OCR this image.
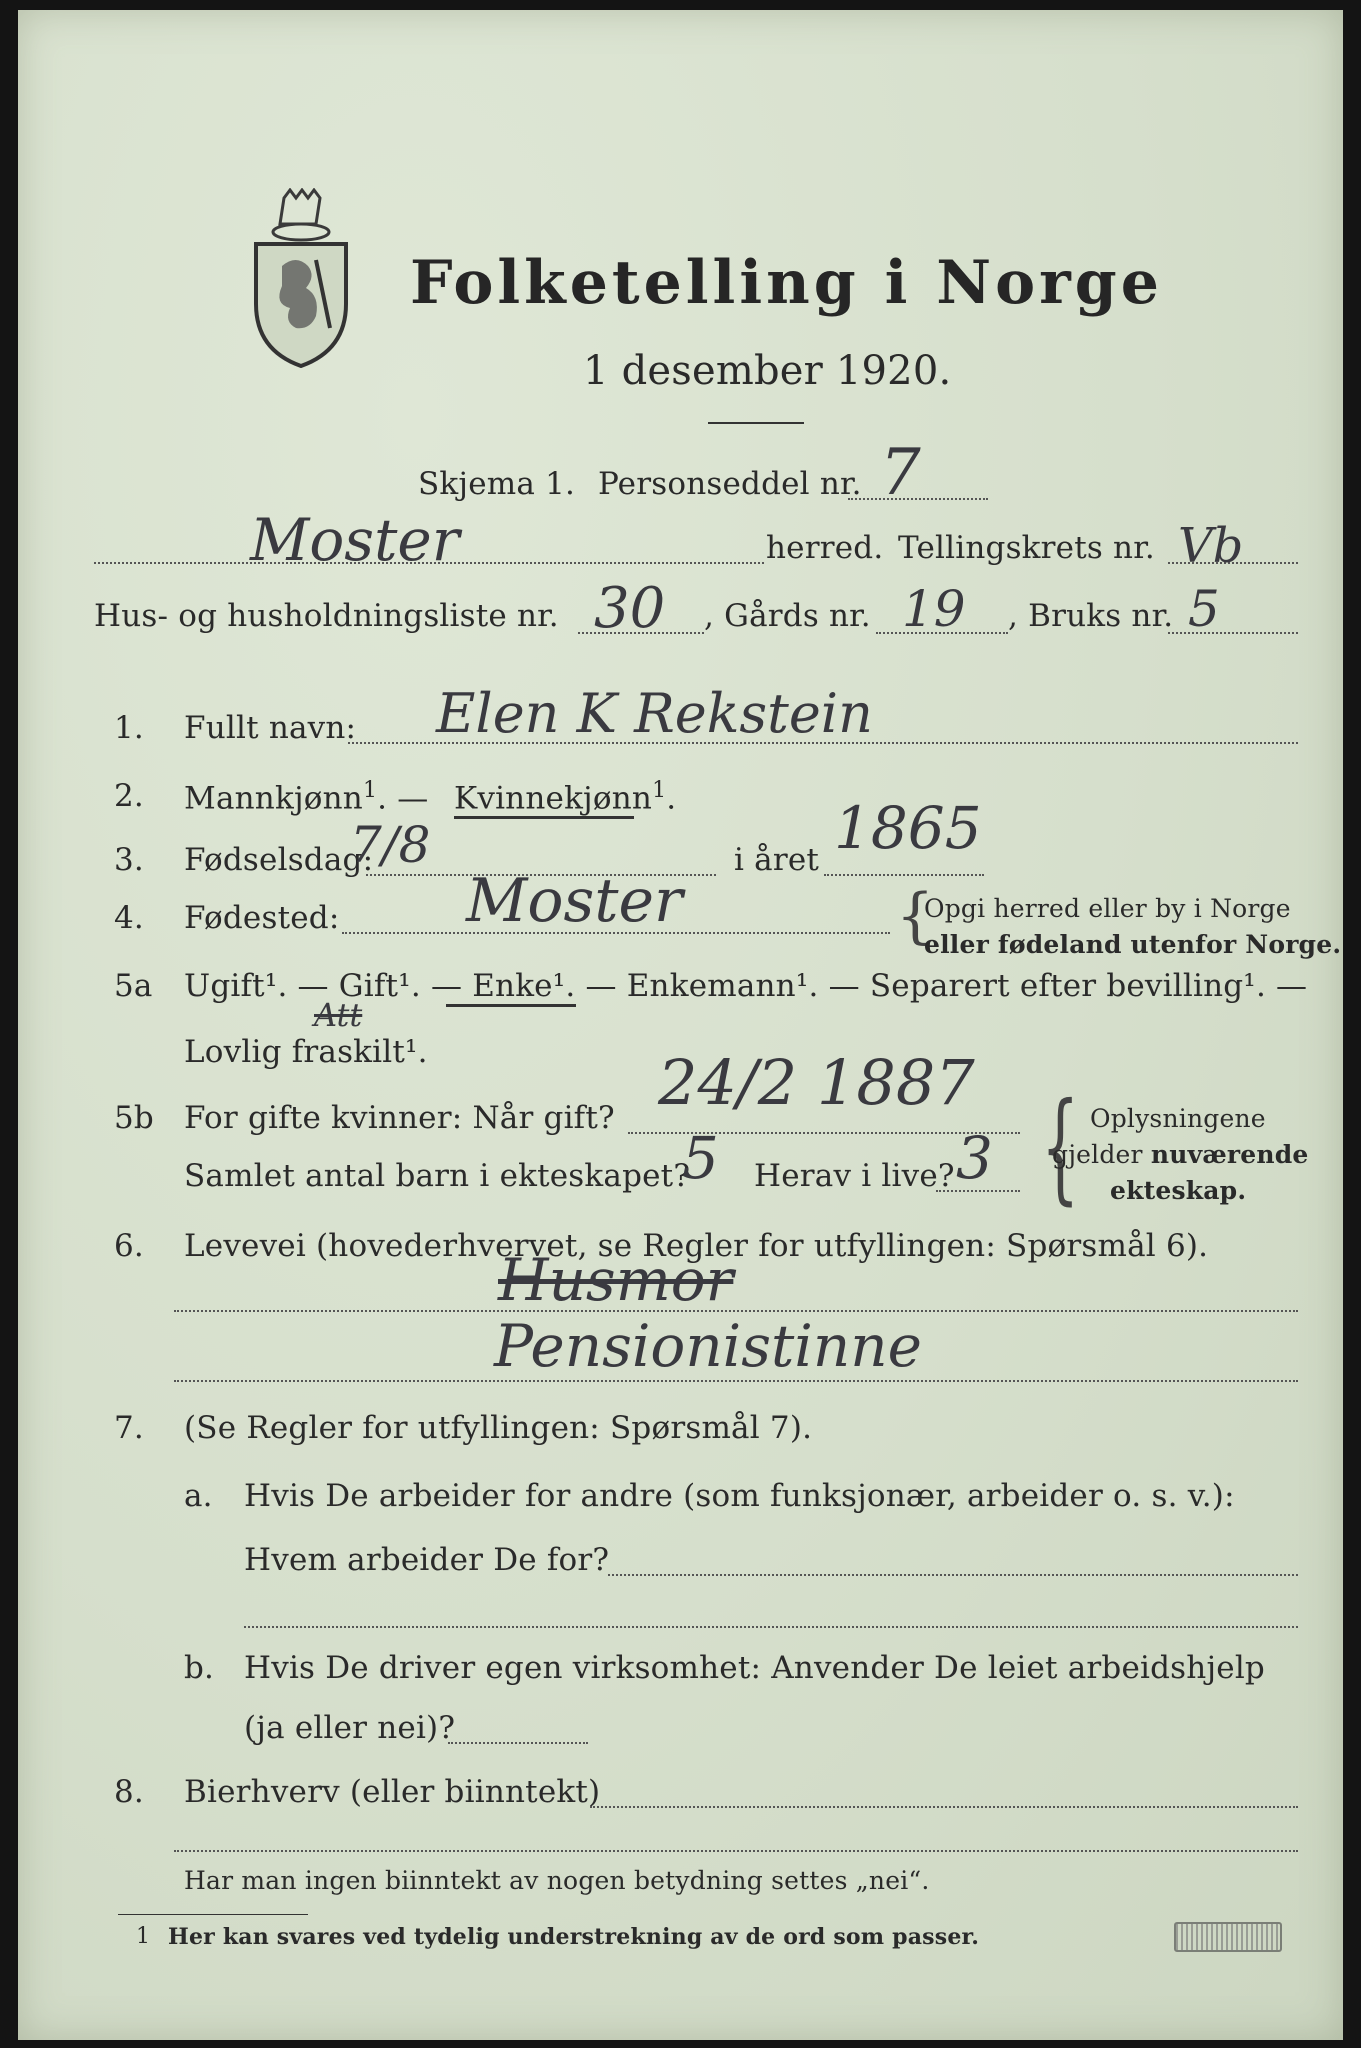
Folketelling i Norge
1 desember 1920.
Skjema 1. Personseddel nr. 7
Moster	herred. Tellingskrets nr. Vb
Hus- og husholdningsliste nr. 30 , Gårds nr. 19 , Bruks nr. 5
1. Fullt navn: Elen K Rekstein
2. Mannkjønn$^1$. — Kvinnekjønn$^1$.
3. Fødselsdag:
7/8	i året 1865
4. Fødested: Moster	{
Opgi herred eller by i Norge
eller fødeland utenfor Norge.
5a Ugift¹. — Gift¹. — Enke¹. — Enkemann¹. — Separert efter bevilling¹. —
Att
Lovlig fraskilt¹.
5b For gifte kvinner: Når gift? 24/2 1887
Samlet antal barn i ekteskapet?
5 Herav i live? 3 { Oplysningene
gjelder nuværende
ekteskap.
6. Levevei (hovederhvervet, se Regler for utfyllingen: Spørsmål 6).
Husmor
Pensionistinne
7. (Se Regler for utfyllingen: Spørsmål 7).
a. Hvis De arbeider for andre (som funksjonær, arbeider o. s. v.):
Hvem arbeider De for?
b. Hvis De driver egen virksomhet: Anvender De leiet arbeidshjelp
(ja eller nei)?
8. Bierhverv (eller biinntekt)
Har man ingen biinntekt av nogen betydning settes „nei“.
1 Her kan svares ved tydelig understrekning av de ord som passer.
